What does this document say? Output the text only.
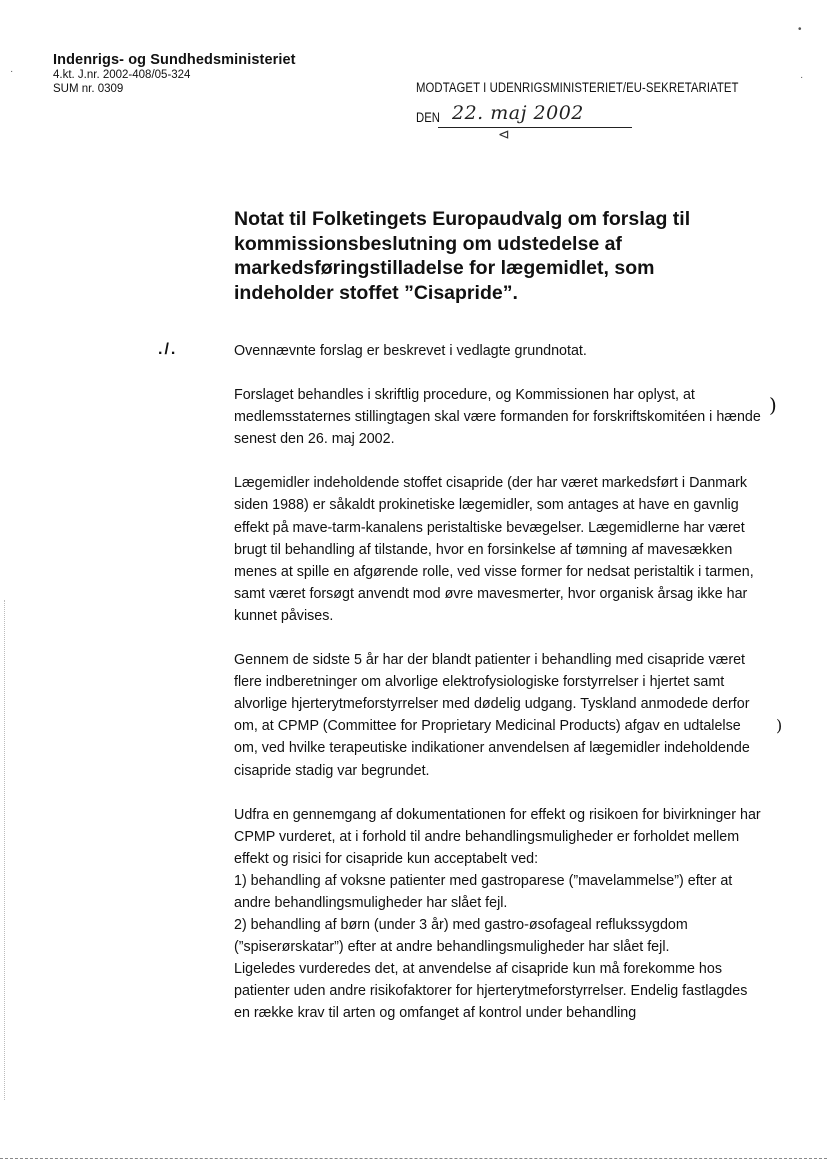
Indenrigs- og Sundhedsministeriet
4.kt. J.nr. 2002-408/05-324
SUM nr. 0309	MODTAGET I UDENRIGSMINISTERIET/EU-SEKRETARIATET
DEN 22. maj 2002
⊲
Notat til Folketingets Europaudvalg om forslag til kommissionsbeslutning om udstedelse af markedsføringstilladelse for lægemidlet, som indeholder stoffet ”Cisapride”.
./.	Ovennævnte forslag er beskrevet i vedlagte grundnotat.

Forslaget behandles i skriftlig procedure, og Kommissionen har oplyst, at medlemsstaternes stillingtagen skal være formanden for forskriftskomitéen i hænde senest den 26. maj 2002.

Lægemidler indeholdende stoffet cisapride (der har været markedsført i Danmark siden 1988) er såkaldt prokinetiske lægemidler, som antages at have en gavnlig effekt på mave-tarm-kanalens peristaltiske bevægelser. Lægemidlerne har været brugt til behandling af tilstande, hvor en forsinkelse af tømning af mavesækken menes at spille en afgørende rolle, ved visse former for nedsat peristaltik i tarmen, samt været forsøgt anvendt mod øvre mavesmerter, hvor organisk årsag ikke har kunnet påvises.

Gennem de sidste 5 år har der blandt patienter i behandling med cisapride været flere indberetninger om alvorlige elektrofysiologiske forstyrrelser i hjertet samt alvorlige hjerterytmeforstyrrelser med dødelig udgang. Tyskland anmodede derfor om, at CPMP (Committee for Proprietary Medicinal Products) afgav en udtalelse om, ved hvilke terapeutiske indikationer anvendelsen af lægemidler indeholdende cisapride stadig var begrundet.

Udfra en gennemgang af dokumentationen for effekt og risikoen for bivirkninger har CPMP vurderet, at i forhold til andre behandlingsmuligheder er forholdet mellem effekt og risici for cisapride kun acceptabelt ved:

1) behandling af voksne patienter med gastroparese (”mavelammelse”) efter at andre behandlingsmuligheder har slået fejl.

2) behandling af børn (under 3 år) med gastro-øsofageal reflukssygdom (”spiserørskatar”) efter at andre behandlingsmuligheder har slået fejl.

Ligeledes vurderedes det, at anvendelse af cisapride kun må forekomme hos patienter uden andre risikofaktorer for hjerterytmeforstyrrelser. Endelig fastlagdes en række krav til arten og omfanget af kontrol under behandling

)
)
•
·
·
